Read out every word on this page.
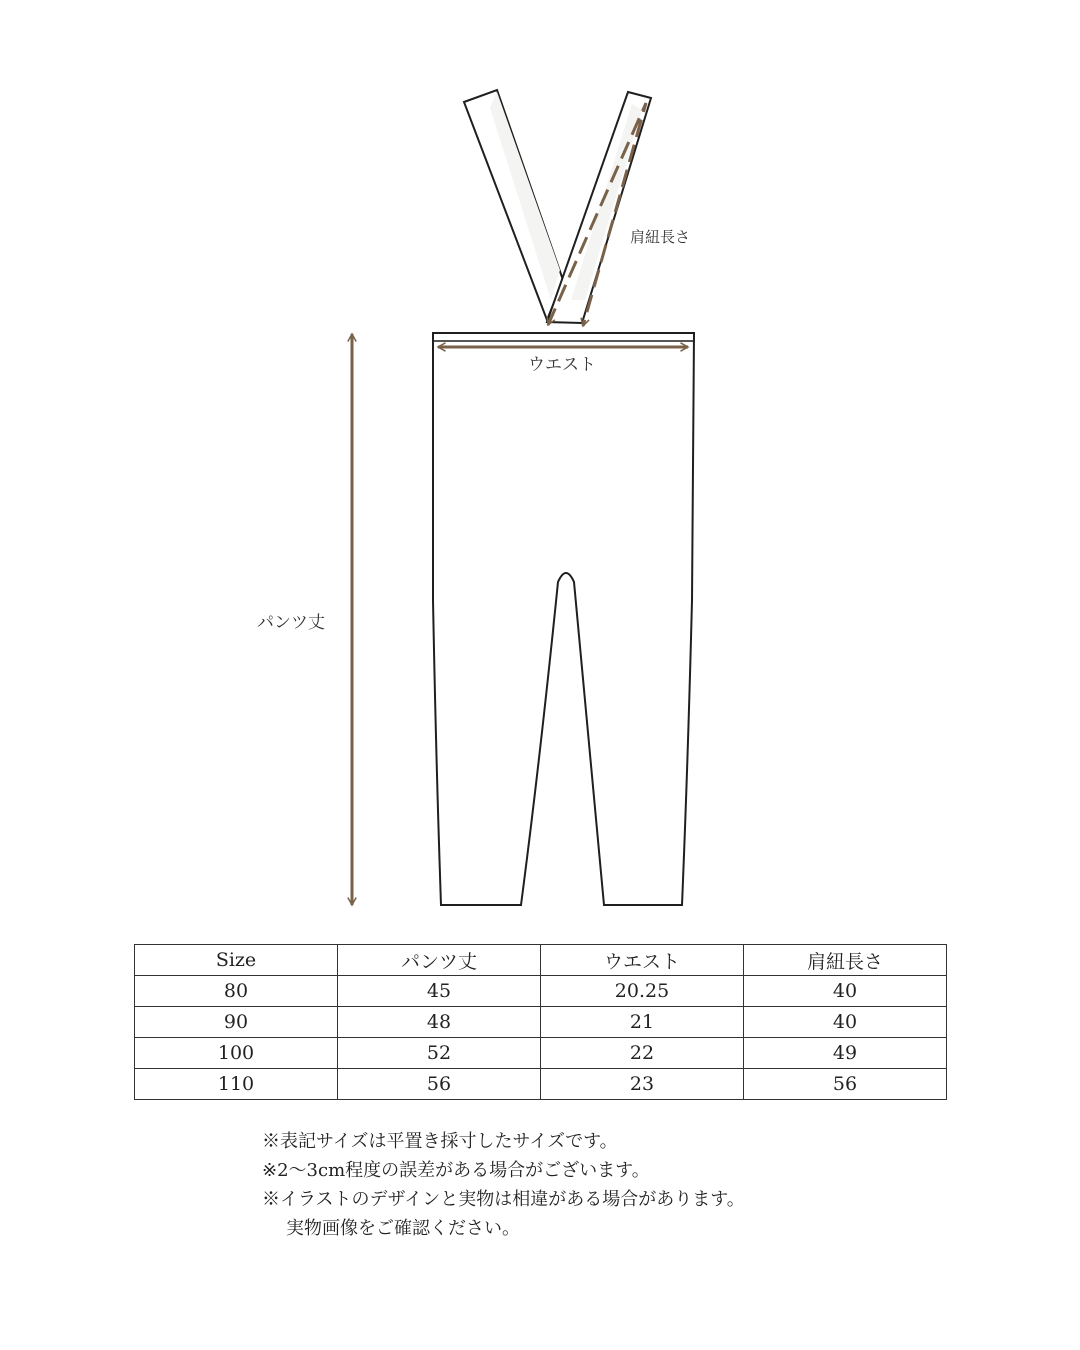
肩紐長さ
ウエスト
パンツ丈
Size	パンツ丈	ウエスト	肩紐長さ
80	45	20.25	40
90	48	21	40
100	52	22	49
110	56	23	56
※表記サイズは平置き採寸したサイズです。
※2～3cm程度の誤差がある場合がございます。
※イラストのデザインと実物は相違がある場合があります。
実物画像をご確認ください。
